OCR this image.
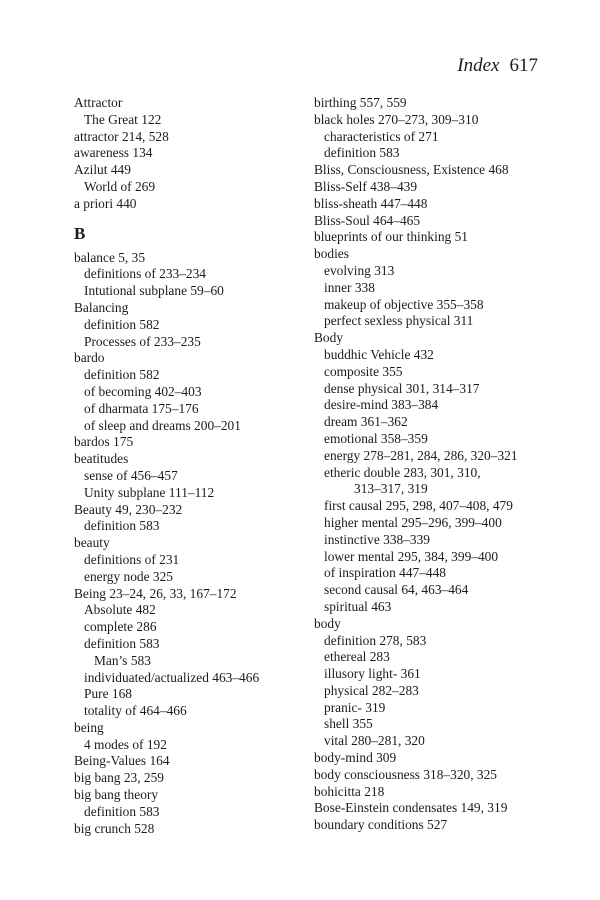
Index 617
Attractor
The Great 122
attractor 214, 528
awareness 134
Azilut 449
World of 269
a priori 440
B
balance 5, 35
definitions of 233–234
Intutional subplane 59–60
Balancing
definition 582
Processes of 233–235
bardo
definition 582
of becoming 402–403
of dharmata 175–176
of sleep and dreams 200–201
bardos 175
beatitudes
sense of 456–457
Unity subplane 111–112
Beauty 49, 230–232
definition 583
beauty
definitions of 231
energy node 325
Being 23–24, 26, 33, 167–172
Absolute 482
complete 286
definition 583
Man’s 583
individuated/actualized 463–466
Pure 168
totality of 464–466
being
4 modes of 192
Being-Values 164
big bang 23, 259
big bang theory
definition 583
big crunch 528
birthing 557, 559
black holes 270–273, 309–310
characteristics of 271
definition 583
Bliss, Consciousness, Existence 468
Bliss-Self 438–439
bliss-sheath 447–448
Bliss-Soul 464–465
blueprints of our thinking 51
bodies
evolving 313
inner 338
makeup of objective 355–358
perfect sexless physical 311
Body
buddhic Vehicle 432
composite 355
dense physical 301, 314–317
desire-mind 383–384
dream 361–362
emotional 358–359
energy 278–281, 284, 286, 320–321
etheric double 283, 301, 310,
313–317, 319
first causal 295, 298, 407–408, 479
higher mental 295–296, 399–400
instinctive 338–339
lower mental 295, 384, 399–400
of inspiration 447–448
second causal 64, 463–464
spiritual 463
body
definition 278, 583
ethereal 283
illusory light- 361
physical 282–283
pranic- 319
shell 355
vital 280–281, 320
body-mind 309
body consciousness 318–320, 325
bohicitta 218
Bose-Einstein condensates 149, 319
boundary conditions 527
